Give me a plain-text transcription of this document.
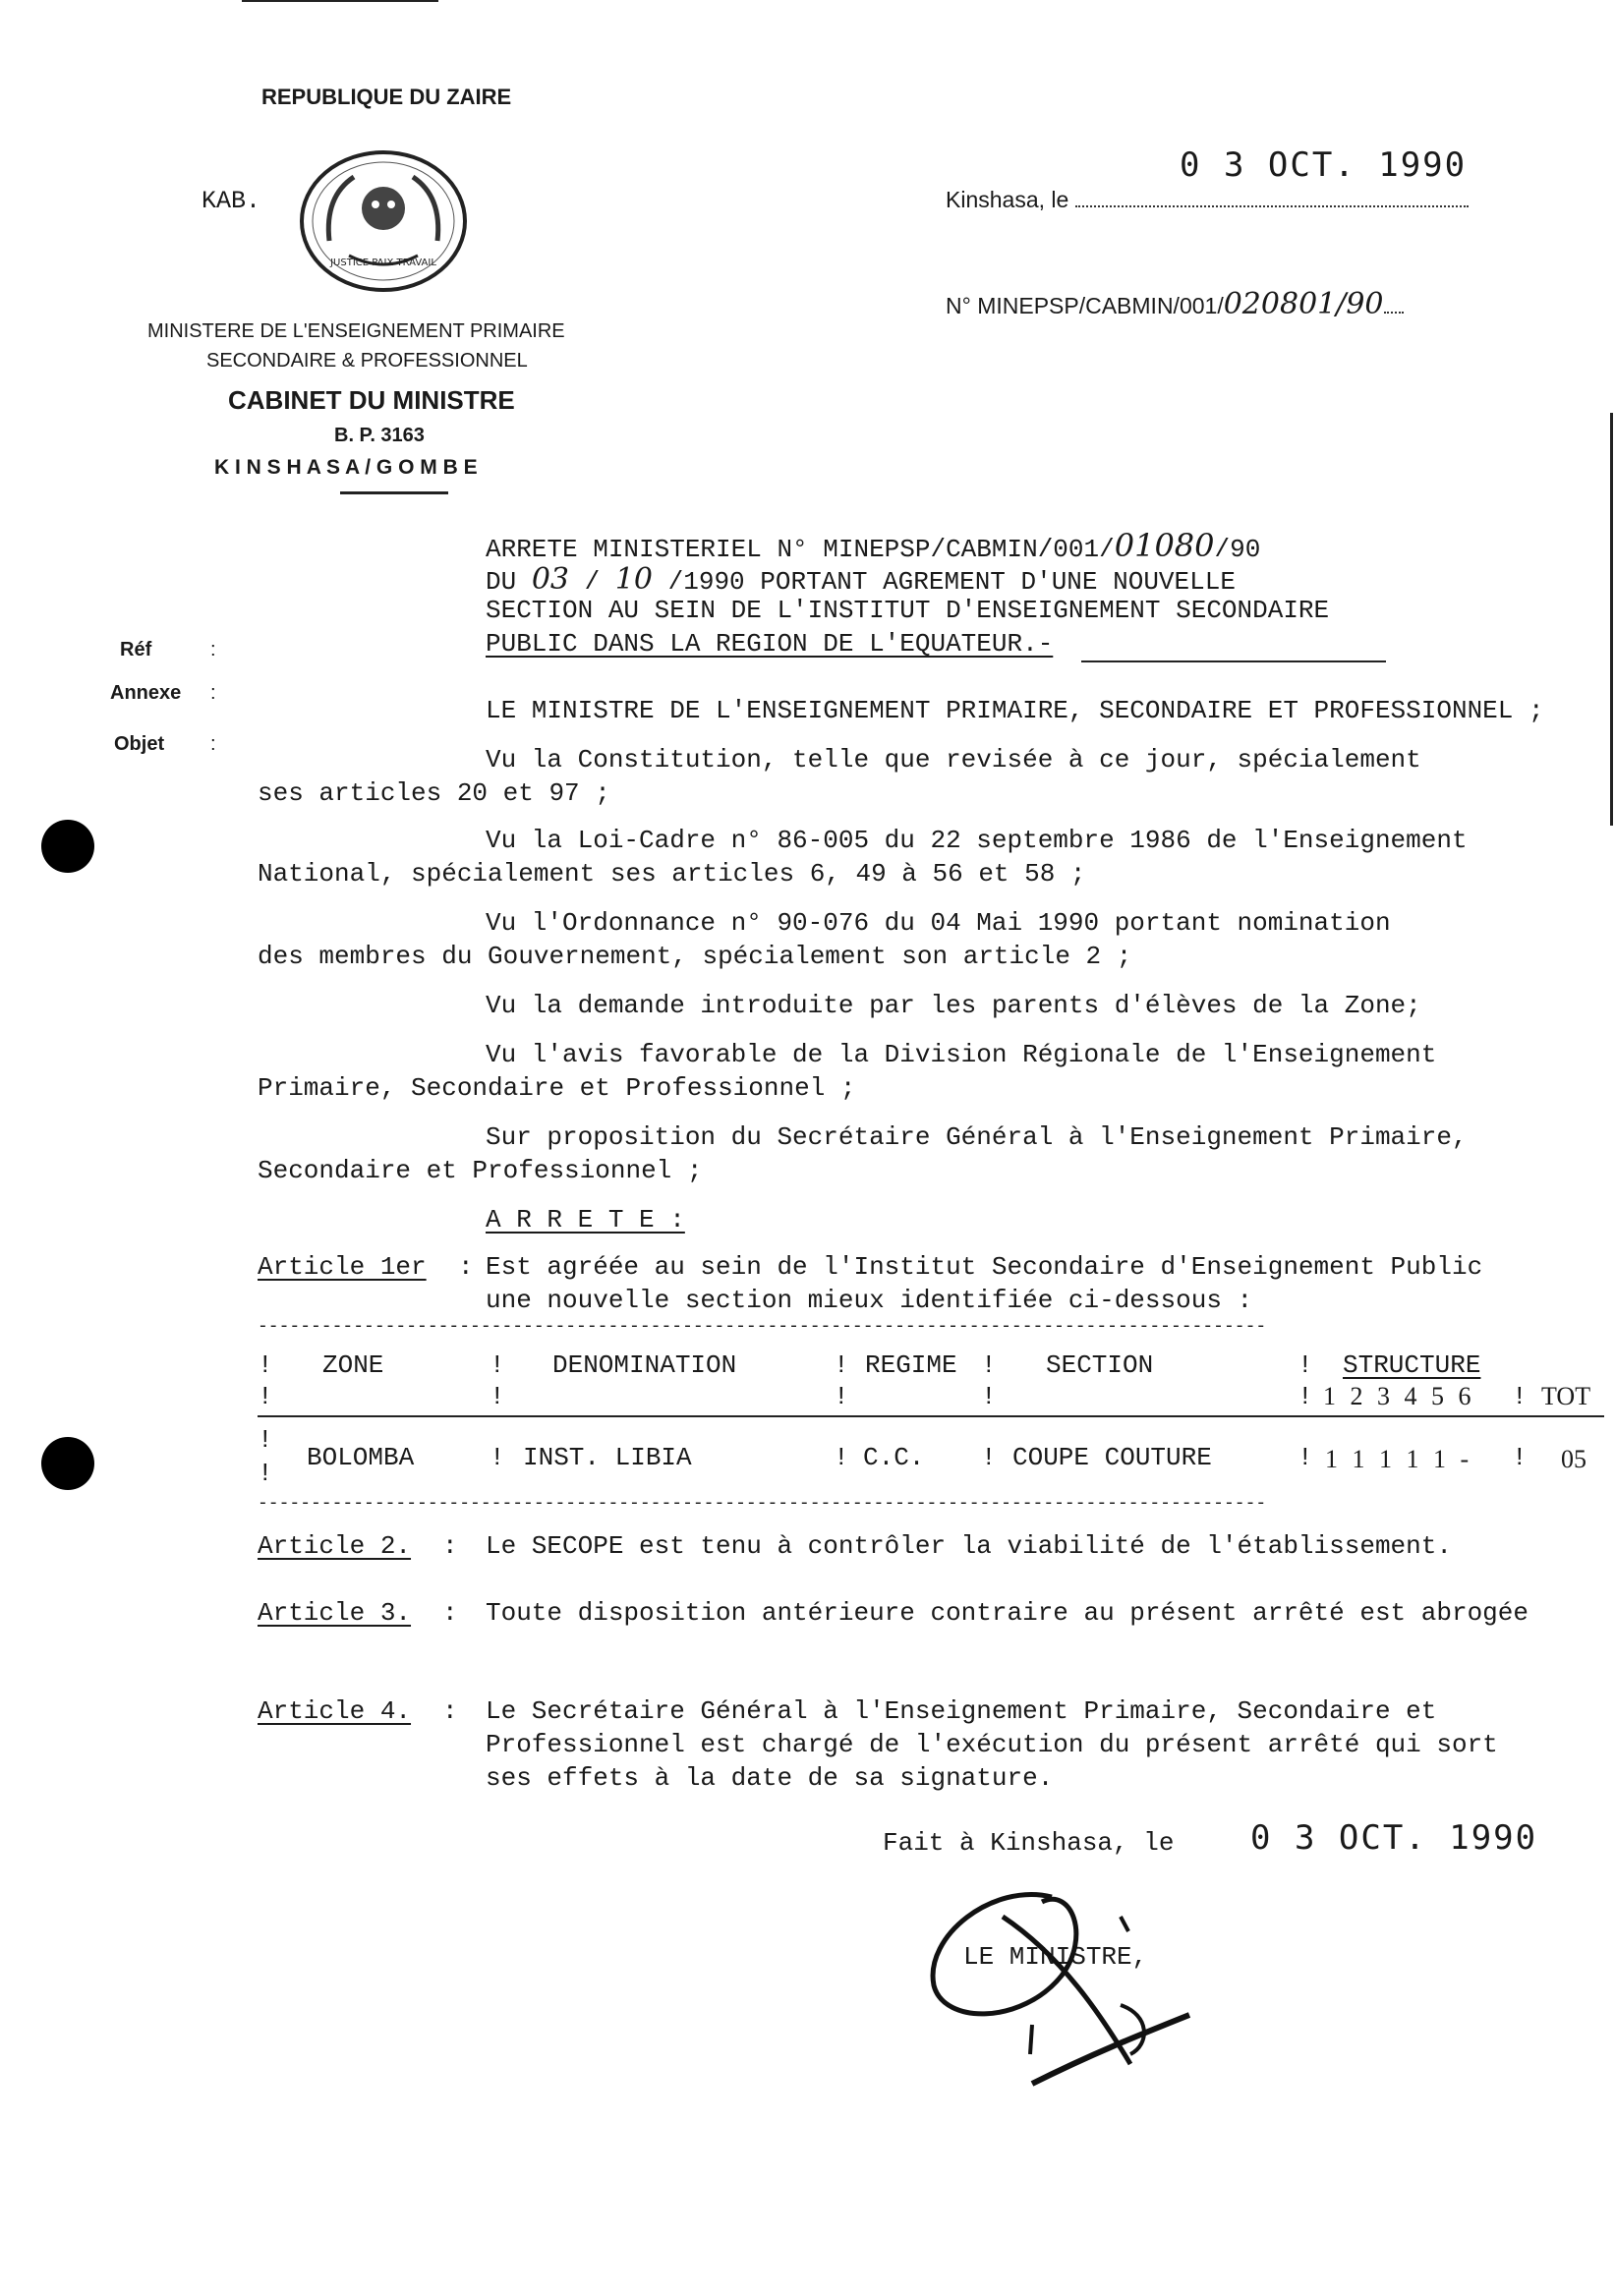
REPUBLIQUE DU ZAIRE
KAB.
JUSTICE PAIX TRAVAIL
MINISTERE DE L'ENSEIGNEMENT PRIMAIRE
SECONDAIRE & PROFESSIONNEL
CABINET DU MINISTRE
B. P. 3163
K I N S H A S A / G O M B E
Kinshasa, le
0 3 OCT. 1990
N° MINEPSP/CABMIN/001/020801/90
Réf	:
Annexe :
Objet :
ARRETE MINISTERIEL N° MINEPSP/CABMIN/001/01080/90
DU 03 / 10 /1990 PORTANT AGREMENT D'UNE NOUVELLE
SECTION AU SEIN DE L'INSTITUT D'ENSEIGNEMENT SECONDAIRE
PUBLIC DANS LA REGION DE L'EQUATEUR.-
LE MINISTRE DE L'ENSEIGNEMENT PRIMAIRE, SECONDAIRE ET PROFESSIONNEL ;
Vu la Constitution, telle que revisée à ce jour, spécialement
ses articles 20 et 97 ;
Vu la Loi-Cadre n° 86-005 du 22 septembre 1986 de l'Enseignement
National, spécialement ses articles 6, 49 à 56 et 58 ;
Vu l'Ordonnance n° 90-076 du 04 Mai 1990 portant nomination
des membres du Gouvernement, spécialement son article 2 ;
Vu la demande introduite par les parents d'élèves de la Zone;
Vu l'avis favorable de la Division Régionale de l'Enseignement
Primaire, Secondaire et Professionnel ;
Sur proposition du Secrétaire Général à l'Enseignement Primaire,
Secondaire et Professionnel ;
A R R E T E :
Article 1er : Est agréée au sein de l'Institut Secondaire d'Enseignement Public
une nouvelle section mieux identifiée ci-dessous :
-----------------------------------------------------------------------------------------------
! ZONE	! DENOMINATION	! REGIME ! SECTION	! STRUCTURE
!	!	!	!	! 1 2 3 4 5 6 ! TOT
!
!
BOLOMBA	! INST. LIBIA	! C.C. ! COUPE COUTURE	! 1 1 1 1 1 - ! 05
-----------------------------------------------------------------------------------------------
Article 2. : Le SECOPE est tenu à contrôler la viabilité de l'établissement.
Article 3. : Toute disposition antérieure contraire au présent arrêté est abrogée
Article 4. : Le Secrétaire Général à l'Enseignement Primaire, Secondaire et
Professionnel est chargé de l'exécution du présent arrêté qui sort
ses effets à la date de sa signature.
Fait à Kinshasa, le 0 3 OCT. 1990
LE MINISTRE,
